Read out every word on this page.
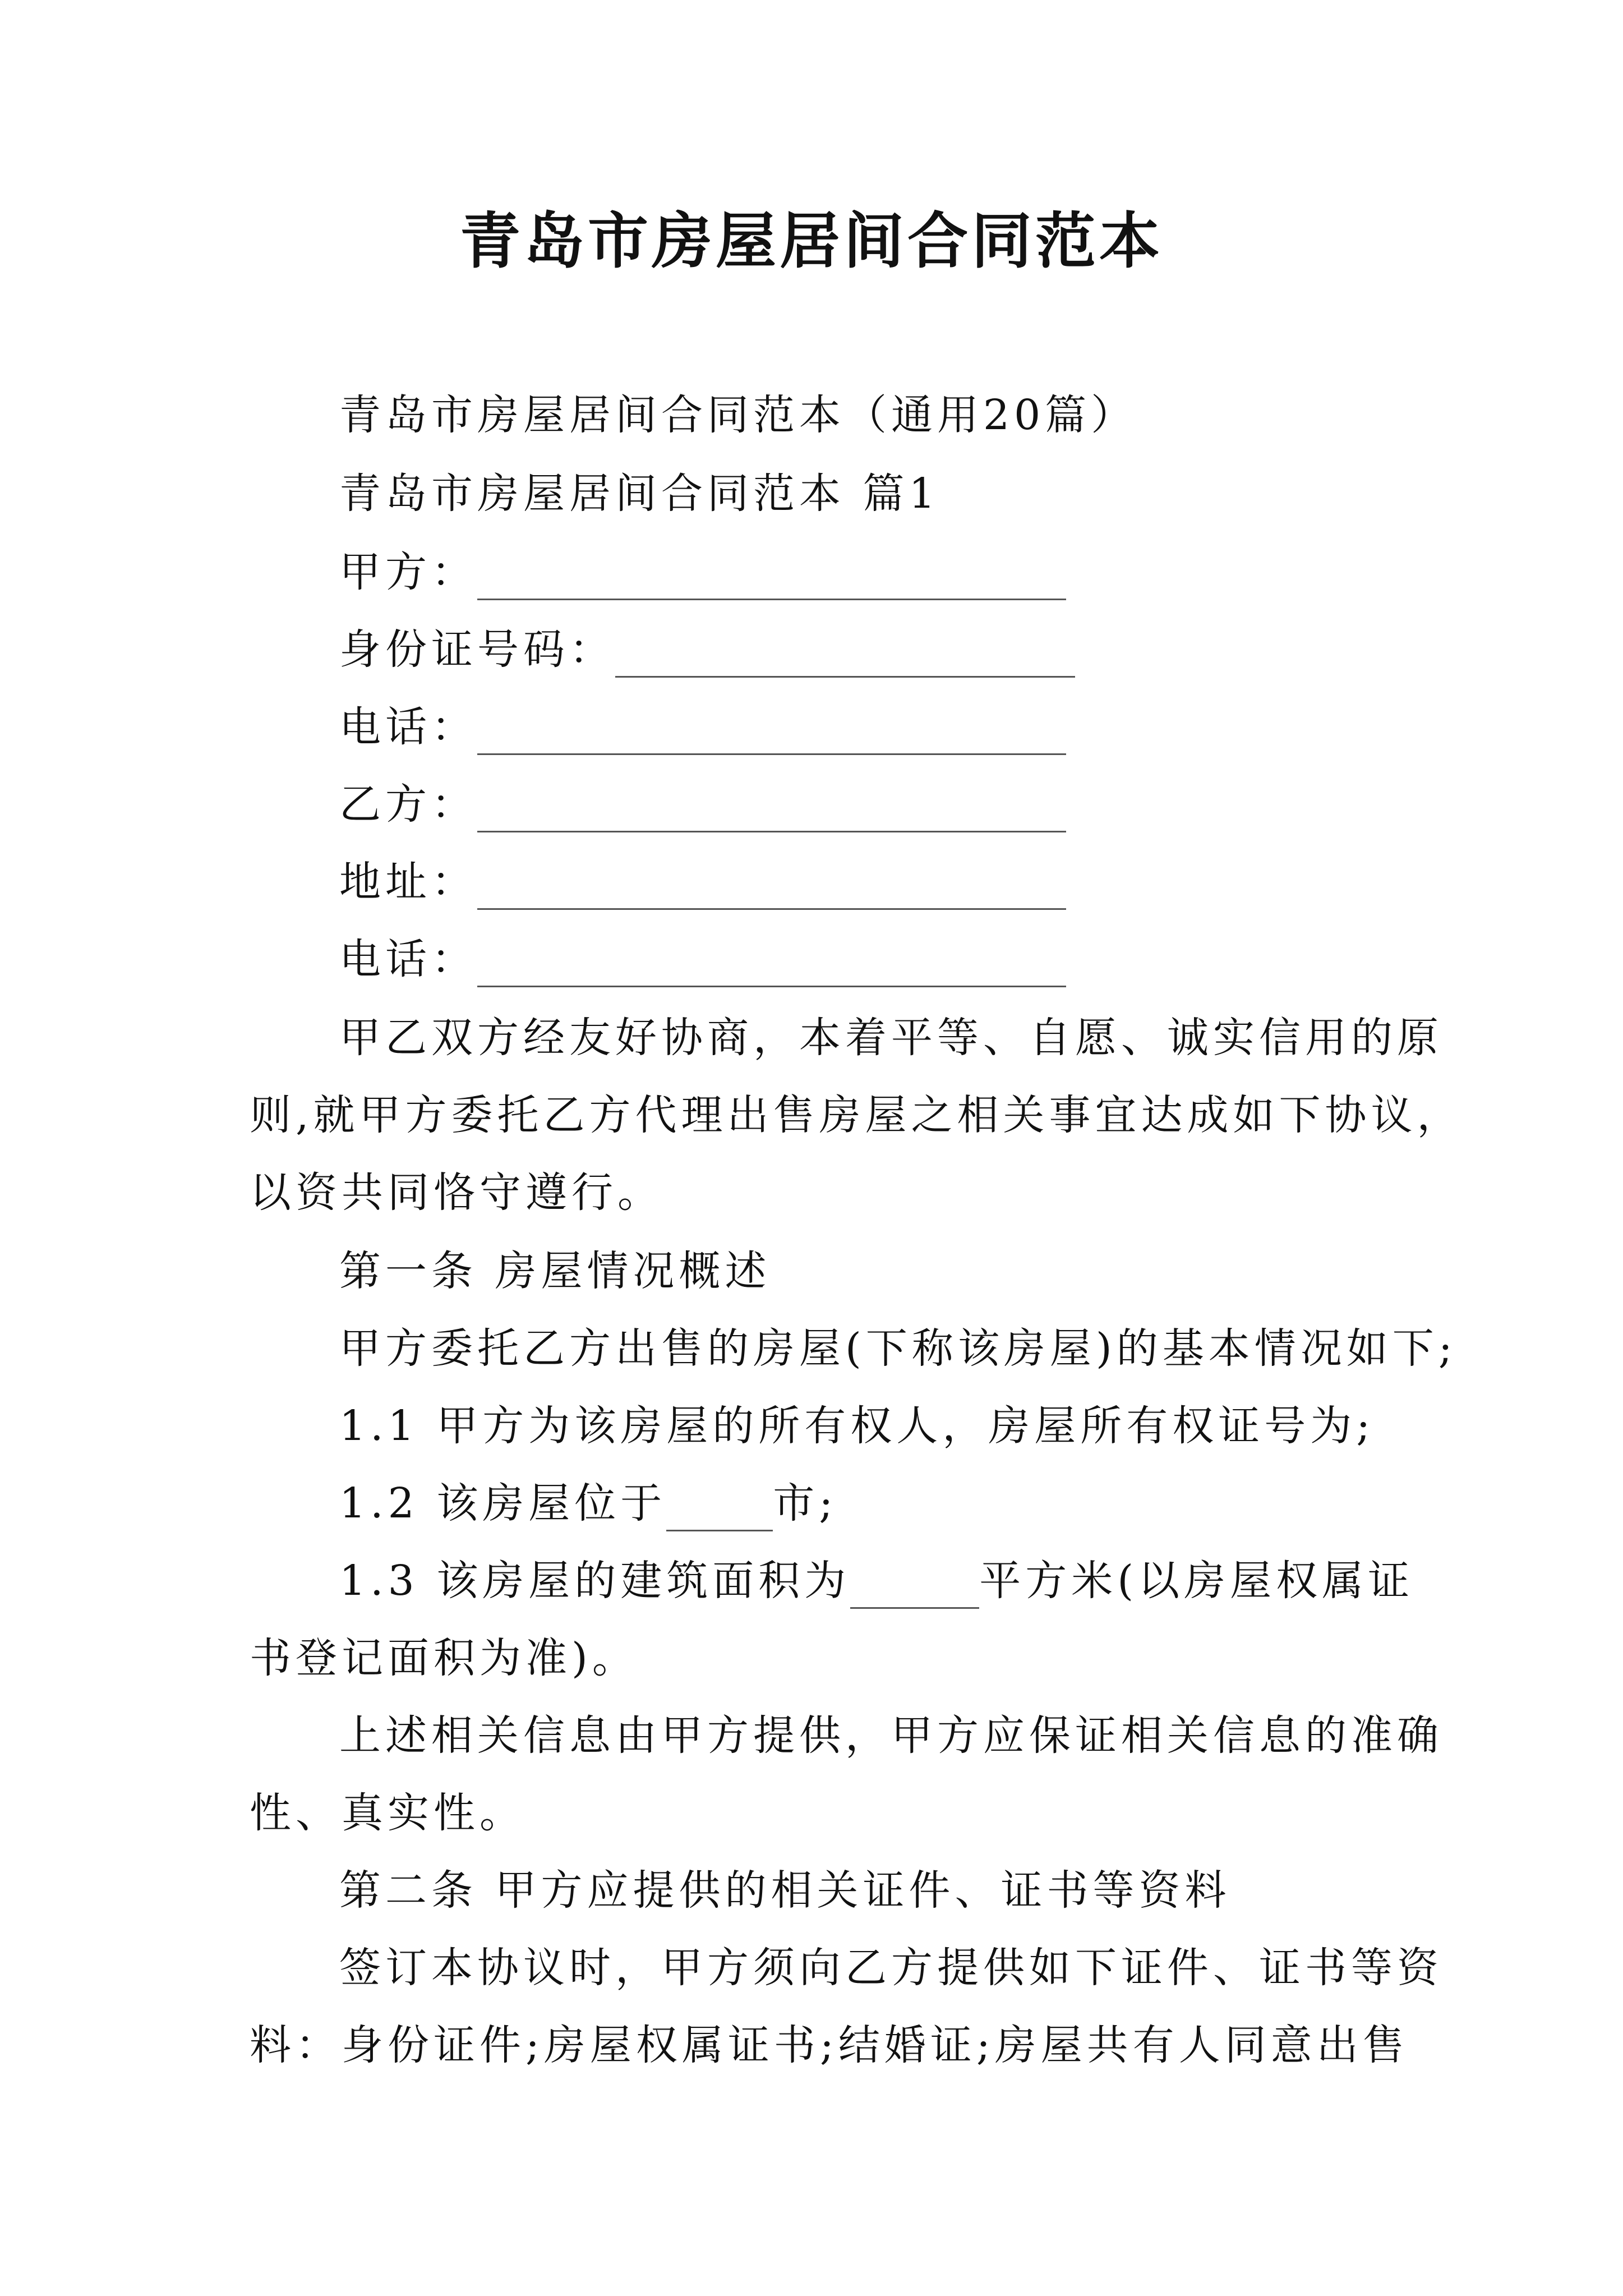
青岛市房屋居间合同范本
青岛市房屋居间合同范本（通用20篇）
青岛市房屋居间合同范本 篇1
甲方：
身份证号码：
电话：
乙方：
地址：
电话：
甲乙双方经友好协商，本着平等、自愿、诚实信用的原
则,就甲方委托乙方代理出售房屋之相关事宜达成如下协议，
以资共同恪守遵行。
第一条 房屋情况概述
甲方委托乙方出售的房屋(下称该房屋)的基本情况如下;
1.1 甲方为该房屋的所有权人，房屋所有权证号为;
1.2 该房屋位于	市;
1.3 该房屋的建筑面积为	平方米(以房屋权属证
书登记面积为准)。
上述相关信息由甲方提供，甲方应保证相关信息的准确
性、真实性。
第二条 甲方应提供的相关证件、证书等资料
签订本协议时，甲方须向乙方提供如下证件、证书等资
料：身份证件;房屋权属证书;结婚证;房屋共有人同意出售
